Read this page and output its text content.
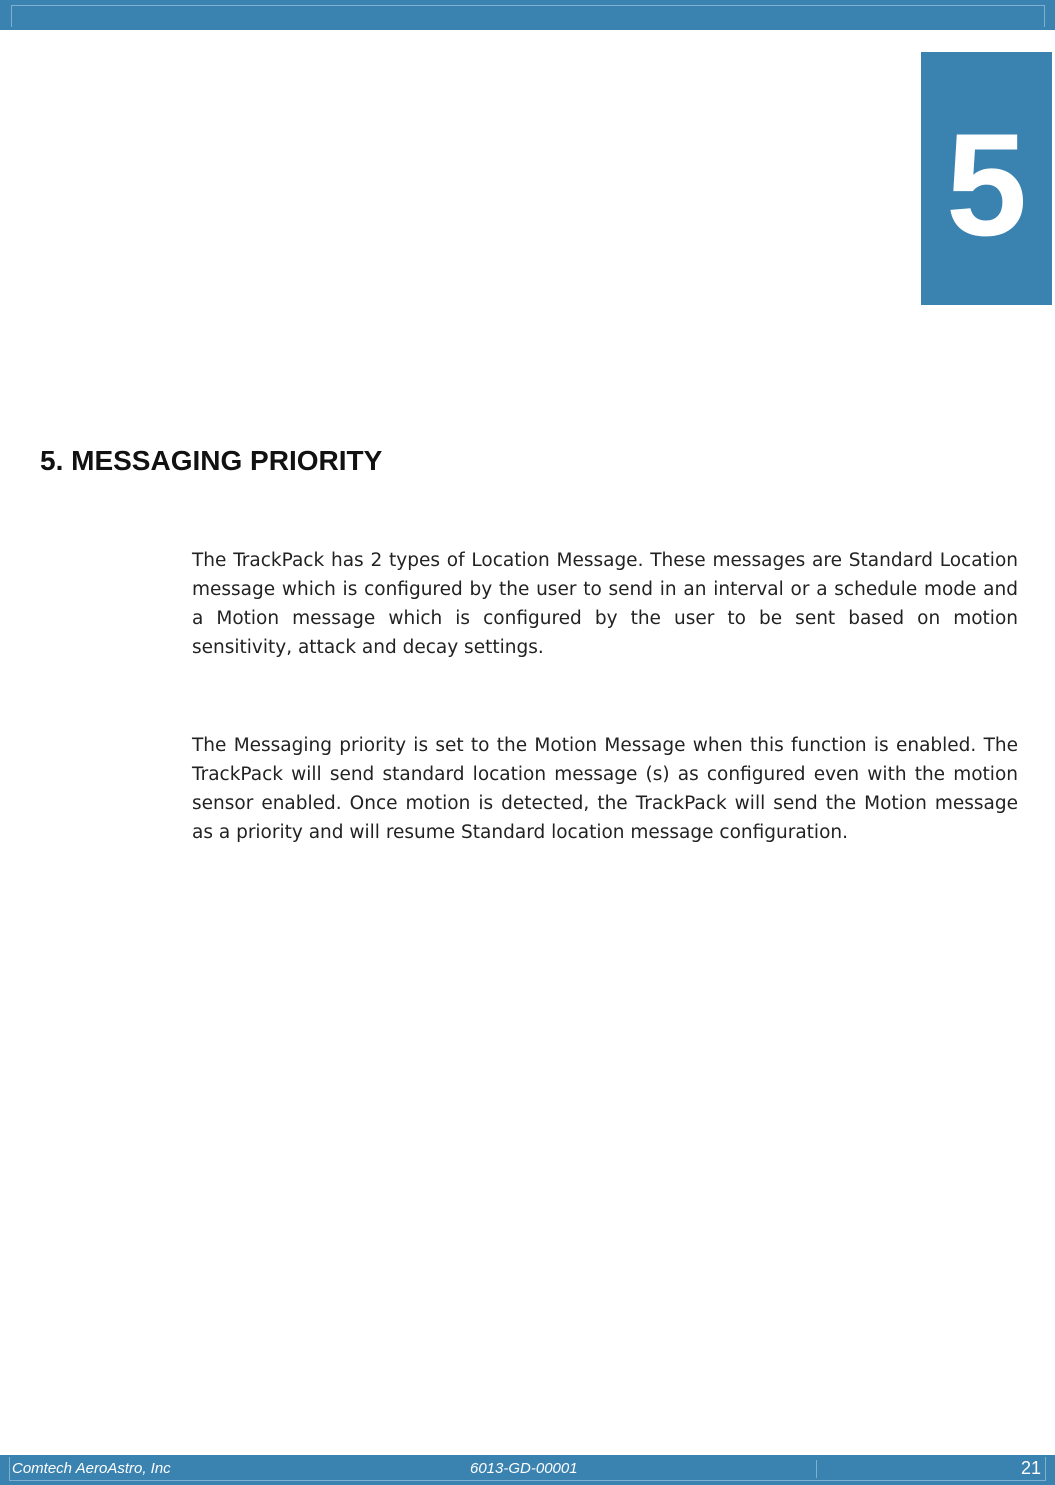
5
5. MESSAGING PRIORITY

The TrackPack has 2 types of Location Message. These messages are Standard Location message which is configured by the user to send in an interval or a schedule mode and a Motion message which is configured by the user to be sent based on motion sensitivity, attack and decay settings.

The Messaging priority is set to the Motion Message when this function is enabled. The TrackPack will send standard location message (s) as configured even with the motion sensor enabled. Once motion is detected, the TrackPack will send the Motion message as a priority and will resume Standard location message configuration.

Comtech AeroAstro, Inc	6013-GD-00001	21
